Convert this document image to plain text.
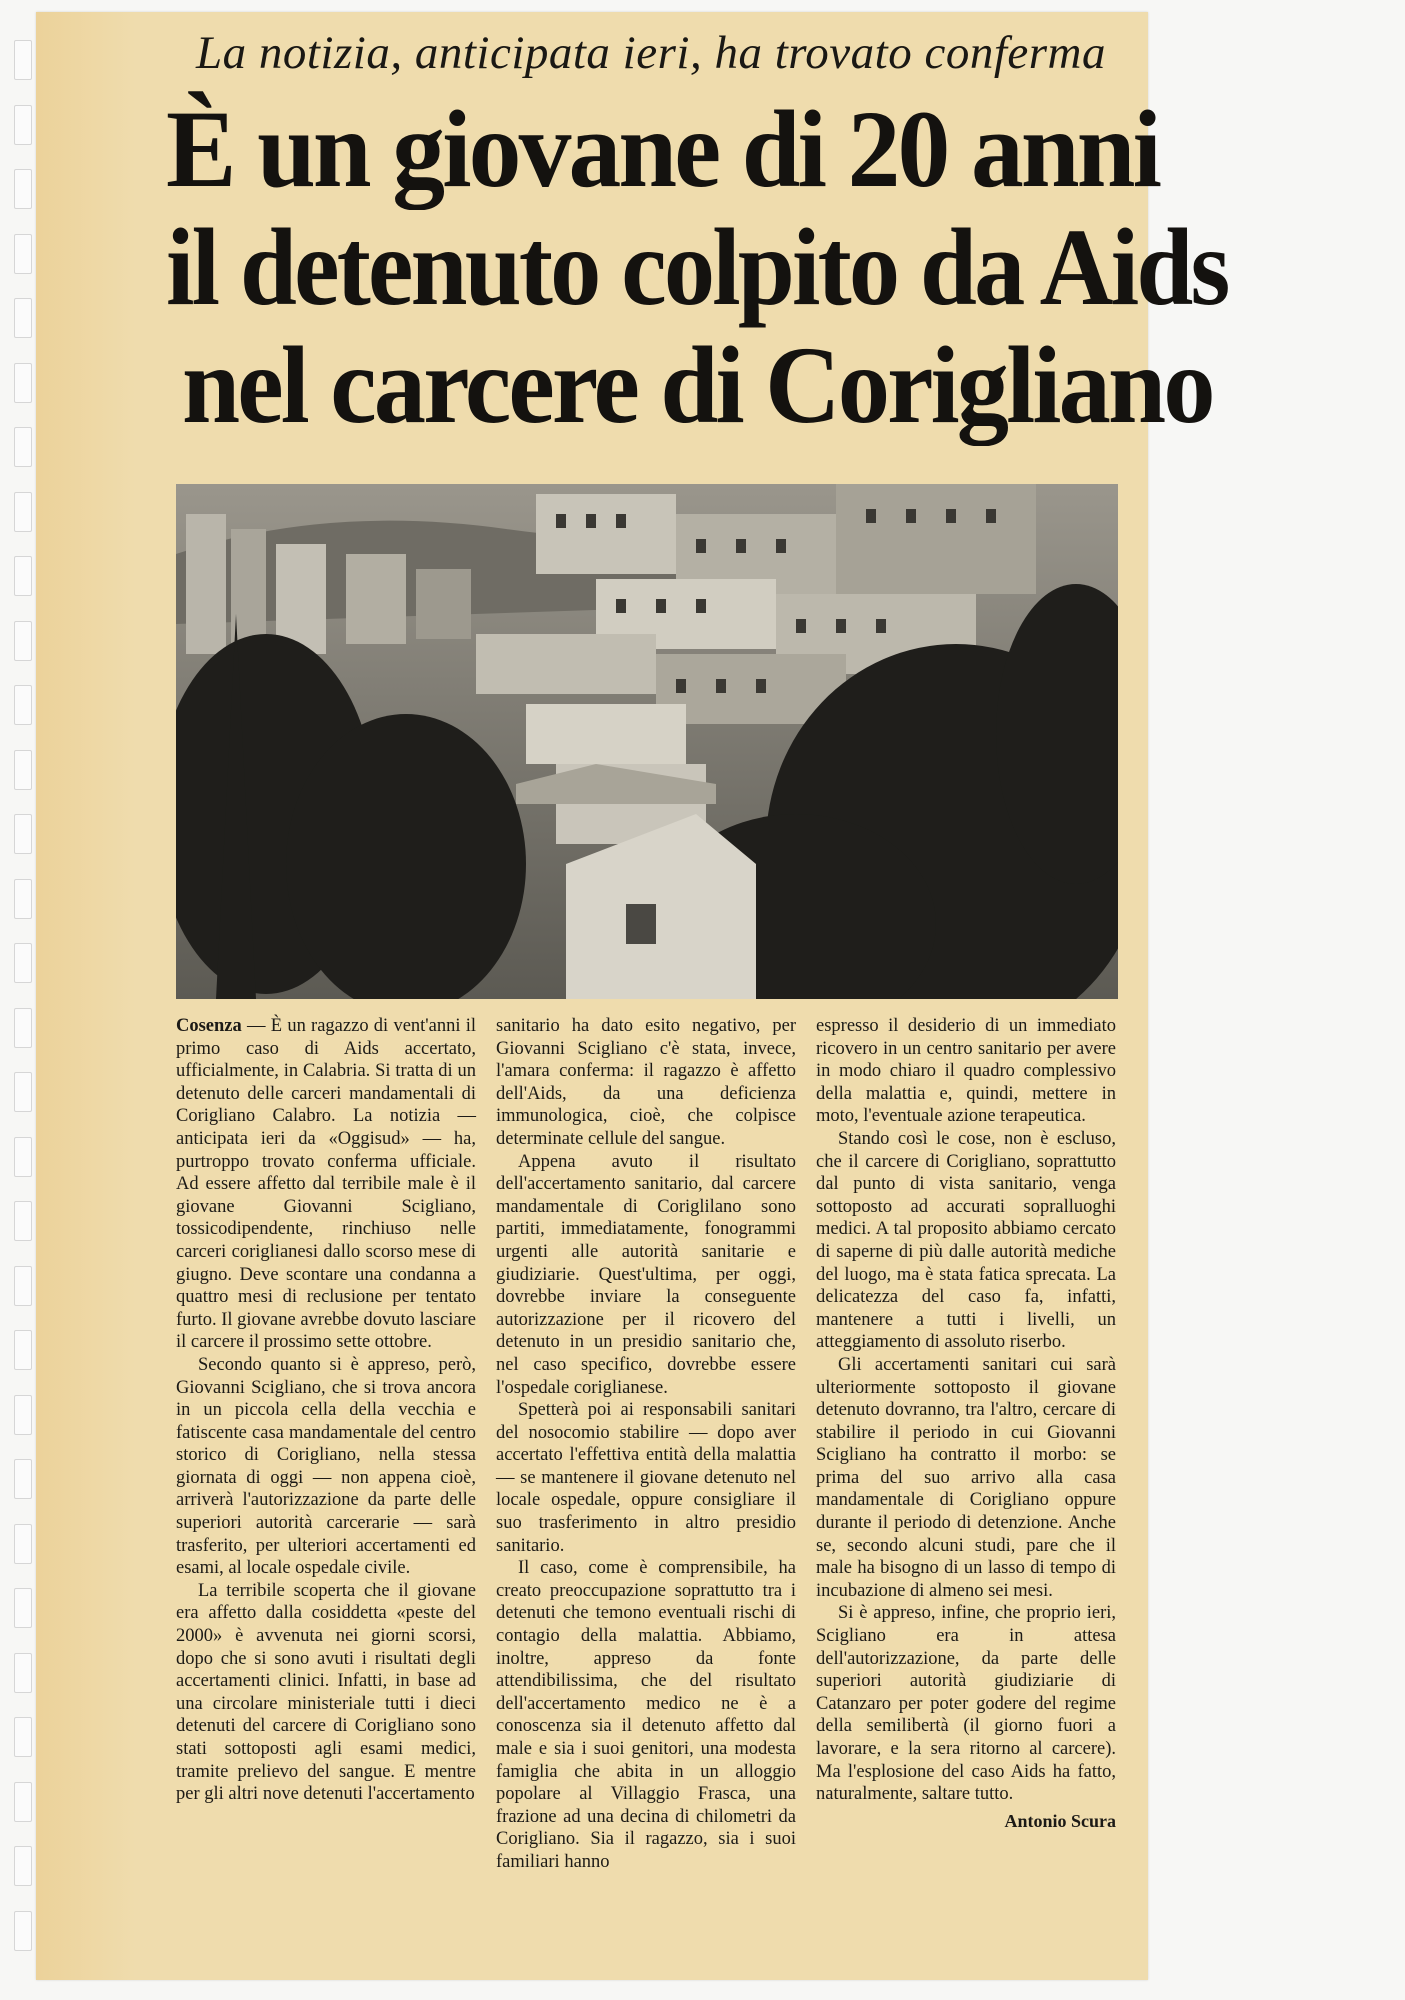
La notizia, anticipata ieri, ha trovato conferma
È un giovane di 20 anni
il detenuto colpito da Aids
nel carcere di Corigliano

Cosenza — È un ragazzo di vent'anni il primo caso di Aids accertato, ufficialmente, in Calabria. Si tratta di un detenuto delle carceri mandamentali di Corigliano Calabro. La notizia — anticipata ieri da «Oggisud» — ha, purtroppo trovato conferma ufficiale. Ad essere affetto dal terribile male è il giovane Giovanni Scigliano, tossicodipendente, rinchiuso nelle carceri coriglianesi dallo scorso mese di giugno. Deve scontare una condanna a quattro mesi di reclusione per tentato furto. Il giovane avrebbe dovuto lasciare il carcere il prossimo sette ottobre.

Secondo quanto si è appreso, però, Giovanni Scigliano, che si trova ancora in un piccola cella della vecchia e fatiscente casa mandamentale del centro storico di Corigliano, nella stessa giornata di oggi — non appena cioè, arriverà l'autorizzazione da parte delle superiori autorità carcerarie — sarà trasferito, per ulteriori accertamenti ed esami, al locale ospedale civile.

La terribile scoperta che il giovane era affetto dalla cosiddetta «peste del 2000» è avvenuta nei giorni scorsi, dopo che si sono avuti i risultati degli accertamenti clinici. Infatti, in base ad una circolare ministeriale tutti i dieci detenuti del carcere di Corigliano sono stati sottoposti agli esami medici, tramite prelievo del sangue. E mentre per gli altri nove detenuti l'accertamento

sanitario ha dato esito negativo, per Giovanni Scigliano c'è stata, invece, l'amara conferma: il ragazzo è affetto dell'Aids, da una deficienza immunologica, cioè, che colpisce determinate cellule del sangue.

Appena avuto il risultato dell'accertamento sanitario, dal carcere mandamentale di Coriglilano sono partiti, immediatamente, fonogrammi urgenti alle autorità sanitarie e giudiziarie. Quest'ultima, per oggi, dovrebbe inviare la conseguente autorizzazione per il ricovero del detenuto in un presidio sanitario che, nel caso specifico, dovrebbe essere l'ospedale coriglianese.

Spetterà poi ai responsabili sanitari del nosocomio stabilire — dopo aver accertato l'effettiva entità della malattia — se mantenere il giovane detenuto nel locale ospedale, oppure consigliare il suo trasferimento in altro presidio sanitario.

Il caso, come è comprensibile, ha creato preoccupazione soprattutto tra i detenuti che temono eventuali rischi di contagio della malattia. Abbiamo, inoltre, appreso da fonte attendibilissima, che del risultato dell'accertamento medico ne è a conoscenza sia il detenuto affetto dal male e sia i suoi genitori, una modesta famiglia che abita in un alloggio popolare al Villaggio Frasca, una frazione ad una decina di chilometri da Corigliano. Sia il ragazzo, sia i suoi familiari hanno

espresso il desiderio di un immediato ricovero in un centro sanitario per avere in modo chiaro il quadro complessivo della malattia e, quindi, mettere in moto, l'eventuale azione terapeutica.

Stando così le cose, non è escluso, che il carcere di Corigliano, soprattutto dal punto di vista sanitario, venga sottoposto ad accurati sopralluoghi medici. A tal proposito abbiamo cercato di saperne di più dalle autorità mediche del luogo, ma è stata fatica sprecata. La delicatezza del caso fa, infatti, mantenere a tutti i livelli, un atteggiamento di assoluto riserbo.

Gli accertamenti sanitari cui sarà ulteriormente sottoposto il giovane detenuto dovranno, tra l'altro, cercare di stabilire il periodo in cui Giovanni Scigliano ha contratto il morbo: se prima del suo arrivo alla casa mandamentale di Corigliano oppure durante il periodo di detenzione. Anche se, secondo alcuni studi, pare che il male ha bisogno di un lasso di tempo di incubazione di almeno sei mesi.

Si è appreso, infine, che proprio ieri, Scigliano era in attesa dell'autorizzazione, da parte delle superiori autorità giudiziarie di Catanzaro per poter godere del regime della semilibertà (il giorno fuori a lavorare, e la sera ritorno al carcere). Ma l'esplosione del caso Aids ha fatto, naturalmente, saltare tutto.

Antonio Scura
